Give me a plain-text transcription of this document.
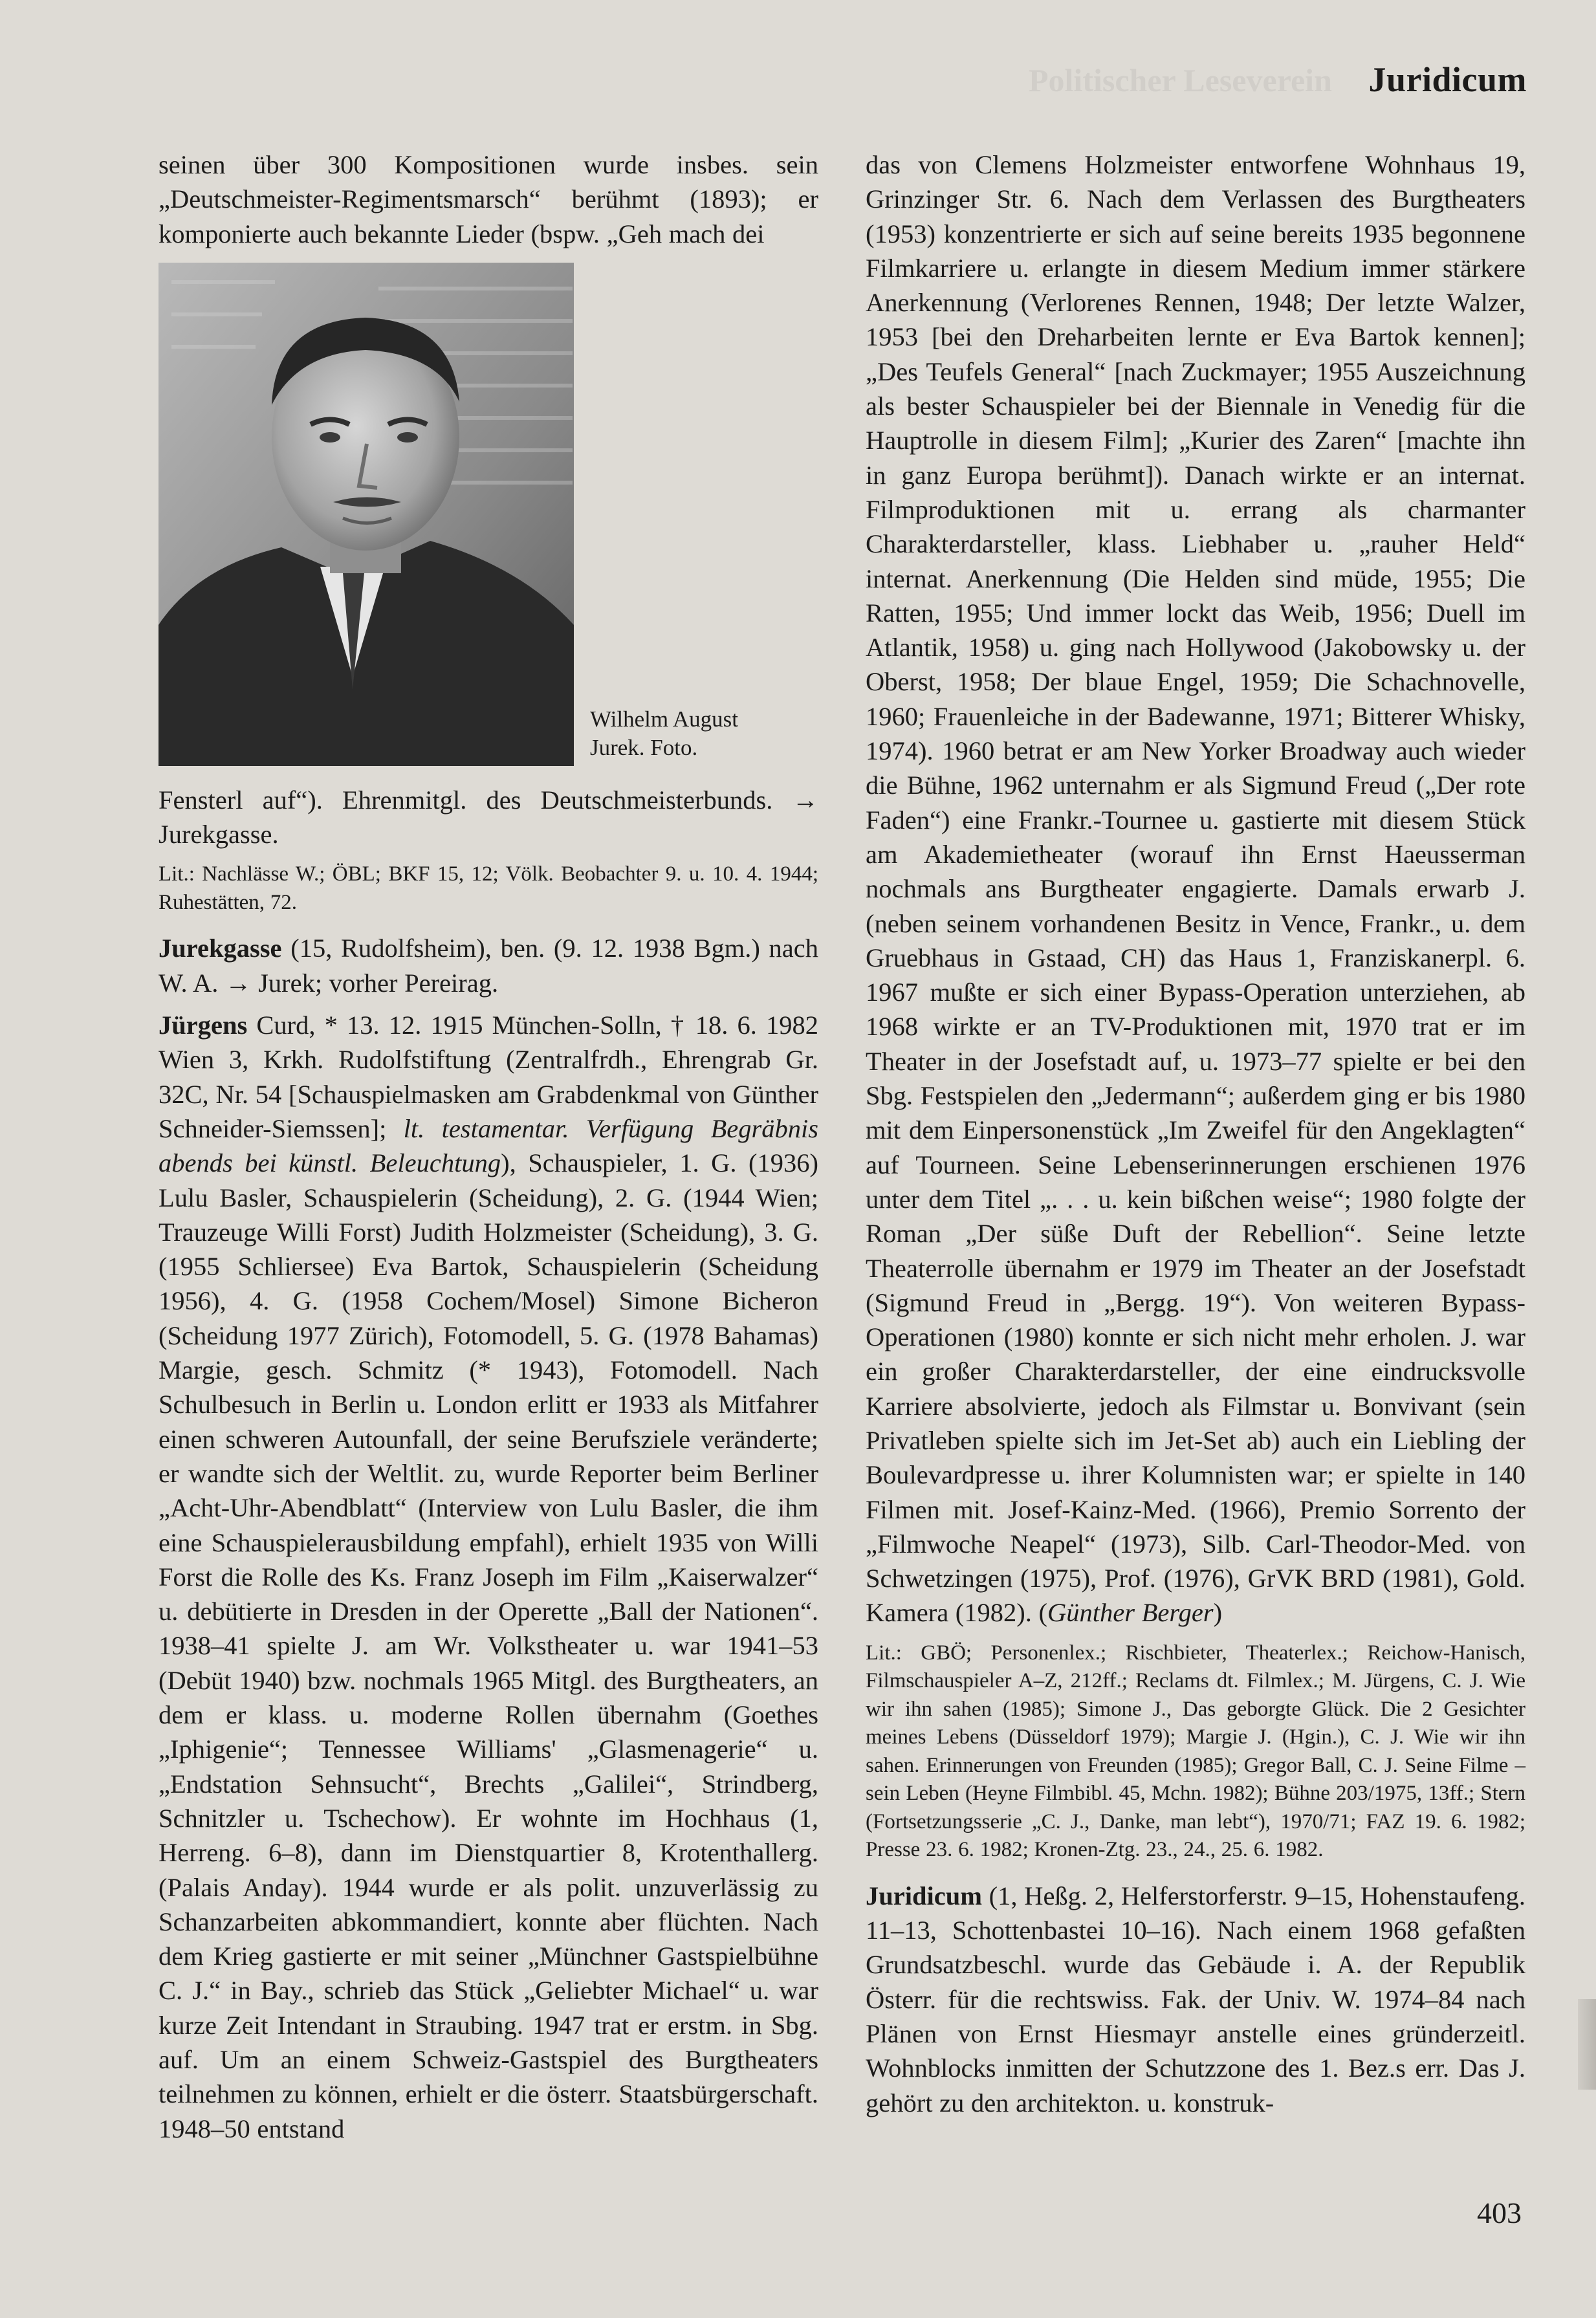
Politischer Leseverein Juridicum

seinen über 300 Kompositionen wurde insbes. sein „Deutschmeister-Regimentsmarsch“ berühmt (1893); er komponierte auch bekannte Lieder (bspw. „Geh mach dei

Wilhelm August
Jurek. Foto.

Fensterl auf“). Ehrenmitgl. des Deutschmeisterbunds. → Jurekgasse.

Lit.: Nachlässe W.; ÖBL; BKF 15, 12; Völk. Beobachter 9. u. 10. 4. 1944; Ruhestätten, 72.

Jurekgasse (15, Rudolfsheim), ben. (9. 12. 1938 Bgm.) nach W. A. → Jurek; vorher Pereirag.

Jürgens Curd, * 13. 12. 1915 München-Solln, † 18. 6. 1982 Wien 3, Krkh. Rudolfstiftung (Zentralfrdh., Ehrengrab Gr. 32C, Nr. 54 [Schauspielmasken am Grabdenkmal von Günther Schneider-Siemssen]; lt. testamentar. Verfügung Begräbnis abends bei künstl. Beleuchtung), Schauspieler, 1. G. (1936) Lulu Basler, Schauspielerin (Scheidung), 2. G. (1944 Wien; Trauzeuge Willi Forst) Judith Holzmeister (Scheidung), 3. G. (1955 Schliersee) Eva Bartok, Schauspielerin (Scheidung 1956), 4. G. (1958 Cochem/Mosel) Simone Bicheron (Scheidung 1977 Zürich), Fotomodell, 5. G. (1978 Bahamas) Margie, gesch. Schmitz (* 1943), Fotomodell. Nach Schulbesuch in Berlin u. London erlitt er 1933 als Mitfahrer einen schweren Autounfall, der seine Berufsziele veränderte; er wandte sich der Weltlit. zu, wurde Reporter beim Berliner „Acht-Uhr-Abendblatt“ (Interview von Lulu Basler, die ihm eine Schauspielerausbildung empfahl), erhielt 1935 von Willi Forst die Rolle des Ks. Franz Joseph im Film „Kaiserwalzer“ u. debütierte in Dresden in der Operette „Ball der Nationen“. 1938–41 spielte J. am Wr. Volkstheater u. war 1941–53 (Debüt 1940) bzw. nochmals 1965 Mitgl. des Burgtheaters, an dem er klass. u. moderne Rollen übernahm (Goethes „Iphigenie“; Tennessee Williams' „Glasmenagerie“ u. „Endstation Sehnsucht“, Brechts „Galilei“, Strindberg, Schnitzler u. Tschechow). Er wohnte im Hochhaus (1, Herreng. 6–8), dann im Dienstquartier 8, Krotenthallerg. (Palais Anday). 1944 wurde er als polit. unzuverlässig zu Schanzarbeiten abkommandiert, konnte aber flüchten. Nach dem Krieg gastierte er mit seiner „Münchner Gastspielbühne C. J.“ in Bay., schrieb das Stück „Geliebter Michael“ u. war kurze Zeit Intendant in Straubing. 1947 trat er erstm. in Sbg. auf. Um an einem Schweiz-Gastspiel des Burgtheaters teilnehmen zu können, erhielt er die österr. Staatsbürgerschaft. 1948–50 entstand

das von Clemens Holzmeister entworfene Wohnhaus 19, Grinzinger Str. 6. Nach dem Verlassen des Burgtheaters (1953) konzentrierte er sich auf seine bereits 1935 begonnene Filmkarriere u. erlangte in diesem Medium immer stärkere Anerkennung (Verlorenes Rennen, 1948; Der letzte Walzer, 1953 [bei den Dreharbeiten lernte er Eva Bartok kennen]; „Des Teufels General“ [nach Zuckmayer; 1955 Auszeichnung als bester Schauspieler bei der Biennale in Venedig für die Hauptrolle in diesem Film]; „Kurier des Zaren“ [machte ihn in ganz Europa berühmt]). Danach wirkte er an internat. Filmproduktionen mit u. errang als charmanter Charakterdarsteller, klass. Liebhaber u. „rauher Held“ internat. Anerkennung (Die Helden sind müde, 1955; Die Ratten, 1955; Und immer lockt das Weib, 1956; Duell im Atlantik, 1958) u. ging nach Hollywood (Jakobowsky u. der Oberst, 1958; Der blaue Engel, 1959; Die Schachnovelle, 1960; Frauenleiche in der Badewanne, 1971; Bitterer Whisky, 1974). 1960 betrat er am New Yorker Broadway auch wieder die Bühne, 1962 unternahm er als Sigmund Freud („Der rote Faden“) eine Frankr.-Tournee u. gastierte mit diesem Stück am Akademietheater (worauf ihn Ernst Haeusserman nochmals ans Burgtheater engagierte. Damals erwarb J. (neben seinem vorhandenen Besitz in Vence, Frankr., u. dem Gruebhaus in Gstaad, CH) das Haus 1, Franziskanerpl. 6. 1967 mußte er sich einer Bypass-Operation unterziehen, ab 1968 wirkte er an TV-Produktionen mit, 1970 trat er im Theater in der Josefstadt auf, u. 1973–77 spielte er bei den Sbg. Festspielen den „Jedermann“; außerdem ging er bis 1980 mit dem Einpersonenstück „Im Zweifel für den Angeklagten“ auf Tourneen. Seine Lebenserinnerungen erschienen 1976 unter dem Titel „. . . u. kein bißchen weise“; 1980 folgte der Roman „Der süße Duft der Rebellion“. Seine letzte Theaterrolle übernahm er 1979 im Theater an der Josefstadt (Sigmund Freud in „Bergg. 19“). Von weiteren Bypass-Operationen (1980) konnte er sich nicht mehr erholen. J. war ein großer Charakterdarsteller, der eine eindrucksvolle Karriere absolvierte, jedoch als Filmstar u. Bonvivant (sein Privatleben spielte sich im Jet-Set ab) auch ein Liebling der Boulevardpresse u. ihrer Kolumnisten war; er spielte in 140 Filmen mit. Josef-Kainz-Med. (1966), Premio Sorrento der „Filmwoche Neapel“ (1973), Silb. Carl-Theodor-Med. von Schwetzingen (1975), Prof. (1976), GrVK BRD (1981), Gold. Kamera (1982). (Günther Berger)

Lit.: GBÖ; Personenlex.; Rischbieter, Theaterlex.; Reichow-Hanisch, Filmschauspieler A–Z, 212ff.; Reclams dt. Filmlex.; M. Jürgens, C. J. Wie wir ihn sahen (1985); Simone J., Das geborgte Glück. Die 2 Gesichter meines Lebens (Düsseldorf 1979); Margie J. (Hgin.), C. J. Wie wir ihn sahen. Erinnerungen von Freunden (1985); Gregor Ball, C. J. Seine Filme – sein Leben (Heyne Filmbibl. 45, Mchn. 1982); Bühne 203/1975, 13ff.; Stern (Fortsetzungsserie „C. J., Danke, man lebt“), 1970/71; FAZ 19. 6. 1982; Presse 23. 6. 1982; Kronen-Ztg. 23., 24., 25. 6. 1982.

Juridicum (1, Heßg. 2, Helferstorferstr. 9–15, Hohenstaufeng. 11–13, Schottenbastei 10–16). Nach einem 1968 gefaßten Grundsatzbeschl. wurde das Gebäude i. A. der Republik Österr. für die rechtswiss. Fak. der Univ. W. 1974–84 nach Plänen von Ernst Hiesmayr anstelle eines gründerzeitl. Wohnblocks inmitten der Schutzzone des 1. Bez.s err. Das J. gehört zu den architekton. u. konstruk-

403
